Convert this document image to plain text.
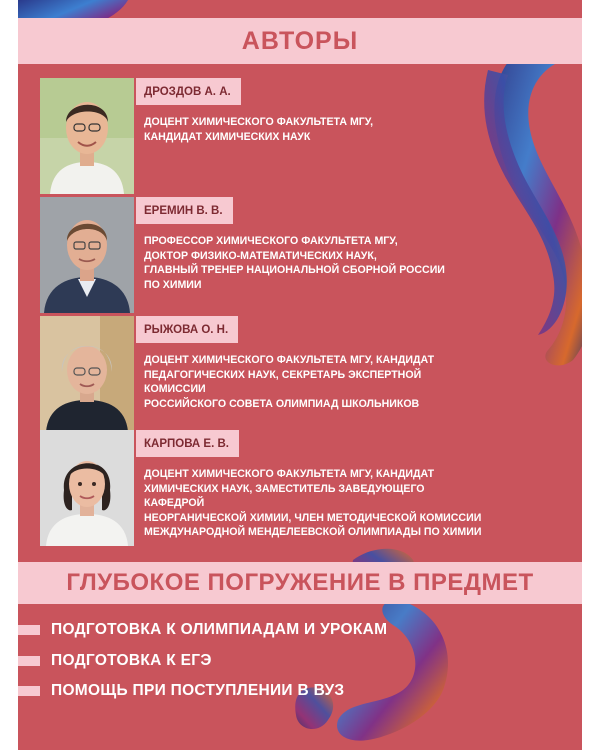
АВТОРЫ
ДРОЗДОВ А. А.
ДОЦЕНТ ХИМИЧЕСКОГО ФАКУЛЬТЕТА МГУ,
КАНДИДАТ ХИМИЧЕСКИХ НАУК
ЕРЕМИН В. В.
ПРОФЕССОР ХИМИЧЕСКОГО ФАКУЛЬТЕТА МГУ,
ДОКТОР ФИЗИКО-МАТЕМАТИЧЕСКИХ НАУК,
ГЛАВНЫЙ ТРЕНЕР НАЦИОНАЛЬНОЙ СБОРНОЙ РОССИИ
ПО ХИМИИ
РЫЖОВА О. Н.
ДОЦЕНТ ХИМИЧЕСКОГО ФАКУЛЬТЕТА МГУ, КАНДИДАТ
ПЕДАГОГИЧЕСКИХ НАУК, СЕКРЕТАРЬ ЭКСПЕРТНОЙ КОМИССИИ
РОССИЙСКОГО СОВЕТА ОЛИМПИАД ШКОЛЬНИКОВ
КАРПОВА Е. В.
ДОЦЕНТ ХИМИЧЕСКОГО ФАКУЛЬТЕТА МГУ, КАНДИДАТ
ХИМИЧЕСКИХ НАУК, ЗАМЕСТИТЕЛЬ ЗАВЕДУЮЩЕГО КАФЕДРОЙ
НЕОРГАНИЧЕСКОЙ ХИМИИ, ЧЛЕН МЕТОДИЧЕСКОЙ КОМИССИИ
МЕЖДУНАРОДНОЙ МЕНДЕЛЕЕВСКОЙ ОЛИМПИАДЫ ПО ХИМИИ
ГЛУБОКОЕ ПОГРУЖЕНИЕ В ПРЕДМЕТ
ПОДГОТОВКА К ОЛИМПИАДАМ И УРОКАМ
ПОДГОТОВКА К ЕГЭ
ПОМОЩЬ ПРИ ПОСТУПЛЕНИИ В ВУЗ
